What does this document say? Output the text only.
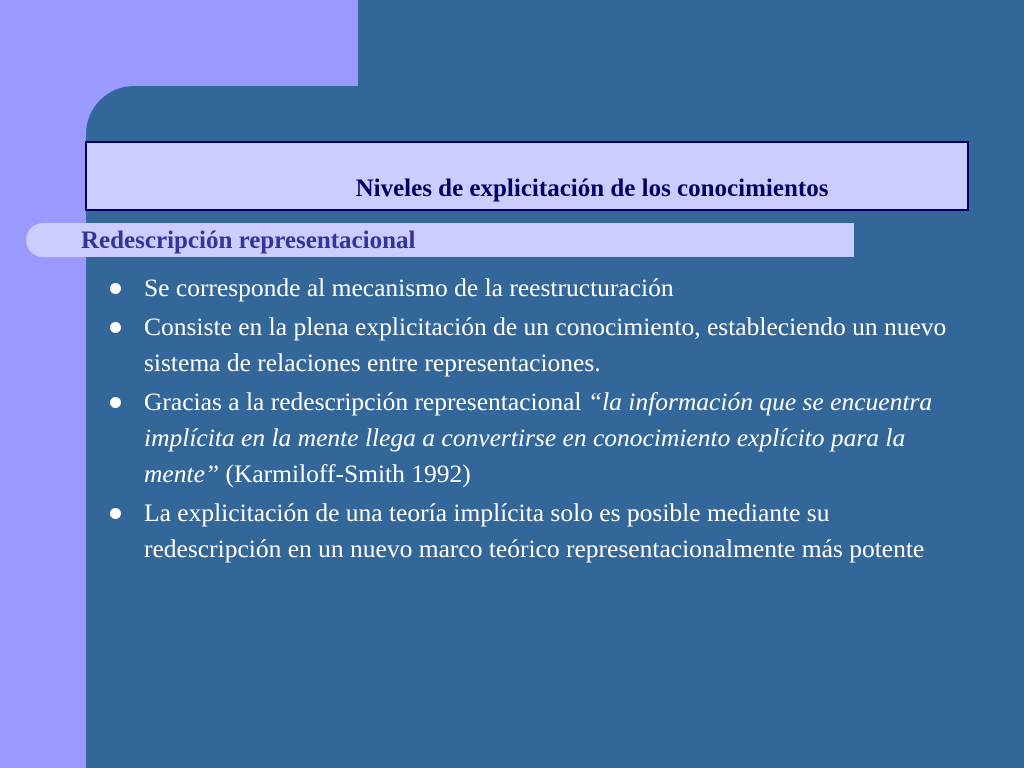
Niveles de explicitación de los conocimientos
Redescripción representacional
Se corresponde al mecanismo de la reestructuración
Consiste en la plena explicitación de un conocimiento, estableciendo un nuevo sistema de relaciones entre representaciones.
Gracias a la redescripción representacional “la información que se encuentra implícita en la mente llega a convertirse en conocimiento explícito para la mente” (Karmiloff-Smith 1992)
La explicitación de una teoría implícita solo es posible mediante su redescripción en un nuevo marco teórico representacionalmente más potente
